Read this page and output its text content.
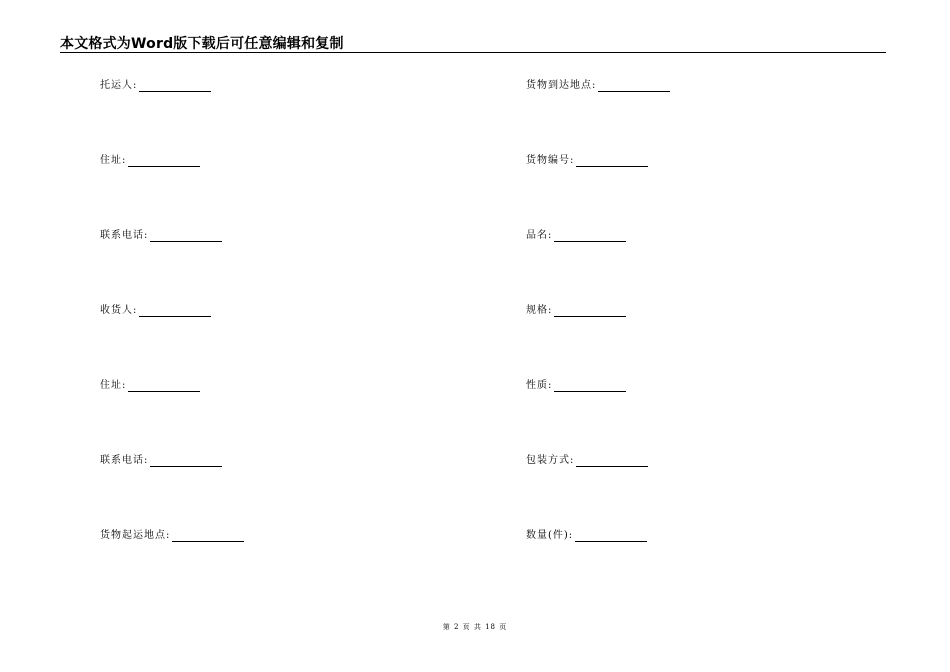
本文格式为Word版下载后可任意编辑和复制
托运人:
住址:
联系电话:
收货人:
住址:
联系电话:
货物起运地点:
货物到达地点:
货物编号:
品名:
规格:
性质:
包装方式:
数量(件):
第 2 页 共 18 页
